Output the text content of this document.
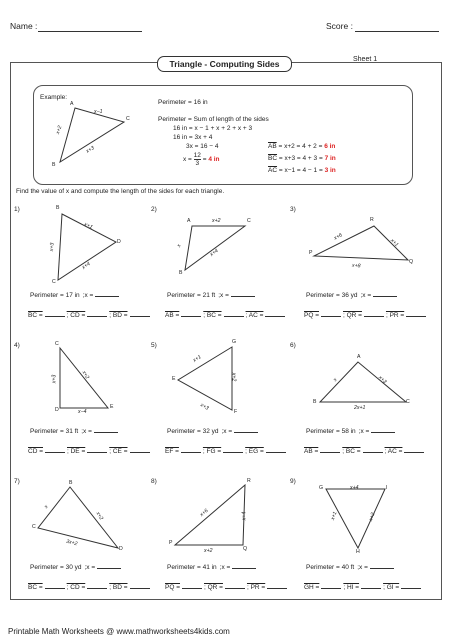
Name :	Score :
Triangle - Computing Sides	Sheet 1
Example:
A
C
B
x−1
x+2
x+3
Perimeter = 16 in
Perimeter = Sum of length of the sides
16 in = x − 1 + x + 2 + x + 3
16 in = 3x + 4
3x = 16 − 4
$x = \frac{12}{3} = 4$ in
$\overline{AB} = x+2 = 4 + 2 = 6$ in
$\overline{BC} = x+3 = 4 + 3 = 7$ in
$\overline{AC} = x-1 = 4 - 1 = 3$ in
Find the value of x and compute the length of the sides for each triangle.
1)	B
D
C
x+1
x+4
x+3
Perimeter = 17 in ;x =
BC =	; CD =	; BD =
2)
A	C
B
x+2
x+4
x
Perimeter = 21 ft ;x =
AB =	; BC =	; AC =
3)
R
P
Q
x+6
x+1
x+8
Perimeter = 36 yd ;x =
PQ =	; QR =	; PR =
4)	C
D	E
x+2
x−4
x+3
Perimeter = 31 ft ;x =
CD =	; DE =	; CE =
5)	G
E
F
x+2
x+1
x+3
Perimeter = 32 yd ;x =
EF =	; FG =	; EG =
6)
A
B	C
x	x+3
2x+1
Perimeter = 58 in ;x =
AB =	; BC =	; AC =
7)	B
C
D
x
x+2
3x+2
Perimeter = 30 yd ;x =
BC =	; CD =	; BD =
8)	R
P
Q
x+6
x+2
x+4
Perimeter = 41 in ;x =
PQ =	; QR =	; PR =
9)
G	I
H
x+4
x+1	x+2
Perimeter = 40 ft ;x =
GH =	; HI =	; GI =
Printable Math Worksheets @ www.mathworksheets4kids.com
